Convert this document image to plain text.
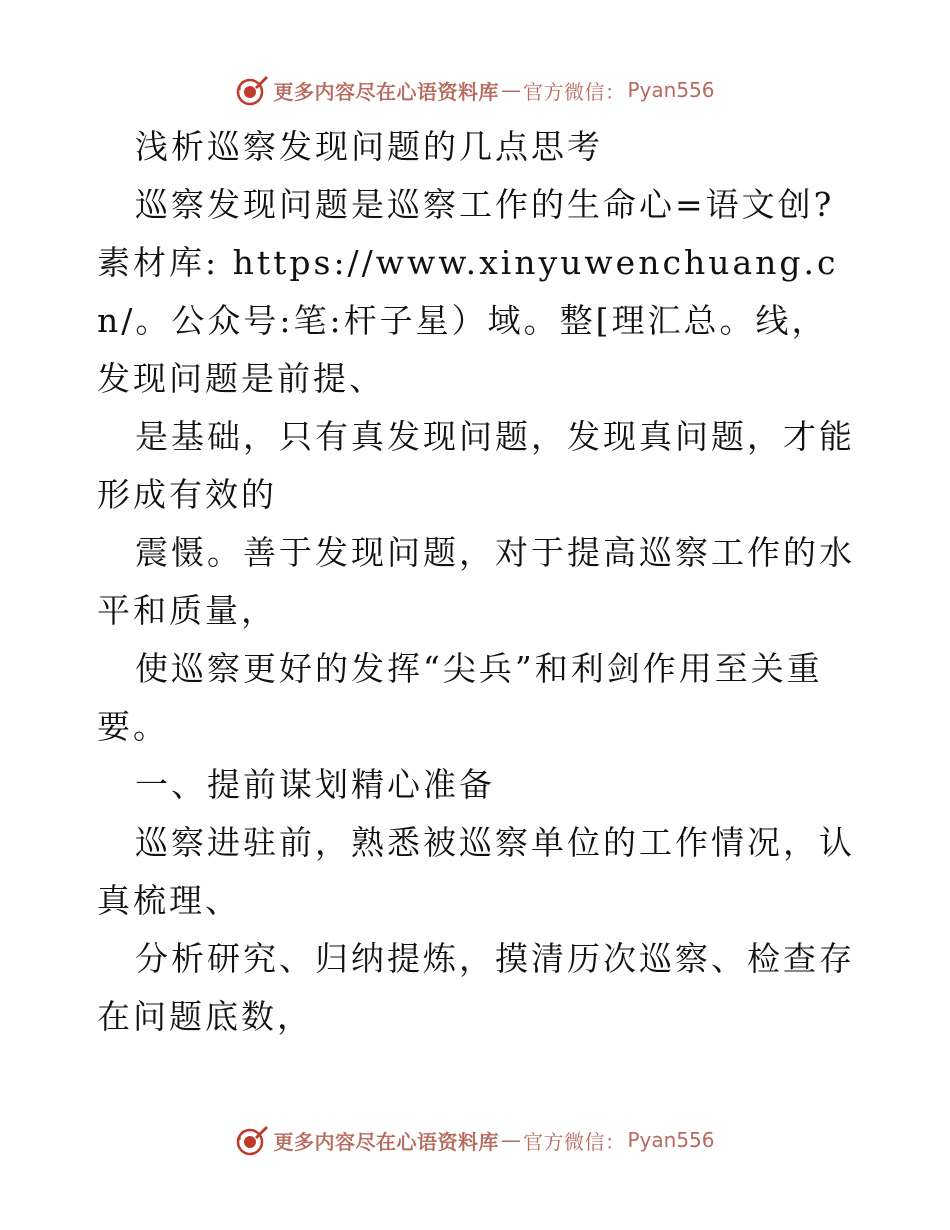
更多内容尽在心语资料库 — 官方微信： Pyan556

浅析巡察发现问题的几点思考

巡察发现问题是巡察工作的生命心=语文创?素材库: https://www.xinyuwenchuang.cn/。公众号:笔:杆子星）域。整[理汇总。线，发现问题是前提、

是基础，只有真发现问题，发现真问题，才能形成有效的

震慑。善于发现问题，对于提高巡察工作的水平和质量，

使巡察更好的发挥“尖兵”和利剑作用至关重要。

一、提前谋划精心准备

巡察进驻前，熟悉被巡察单位的工作情况，认真梳理、

分析研究、归纳提炼，摸清历次巡察、检查存在问题底数，

更多内容尽在心语资料库 — 官方微信： Pyan556
